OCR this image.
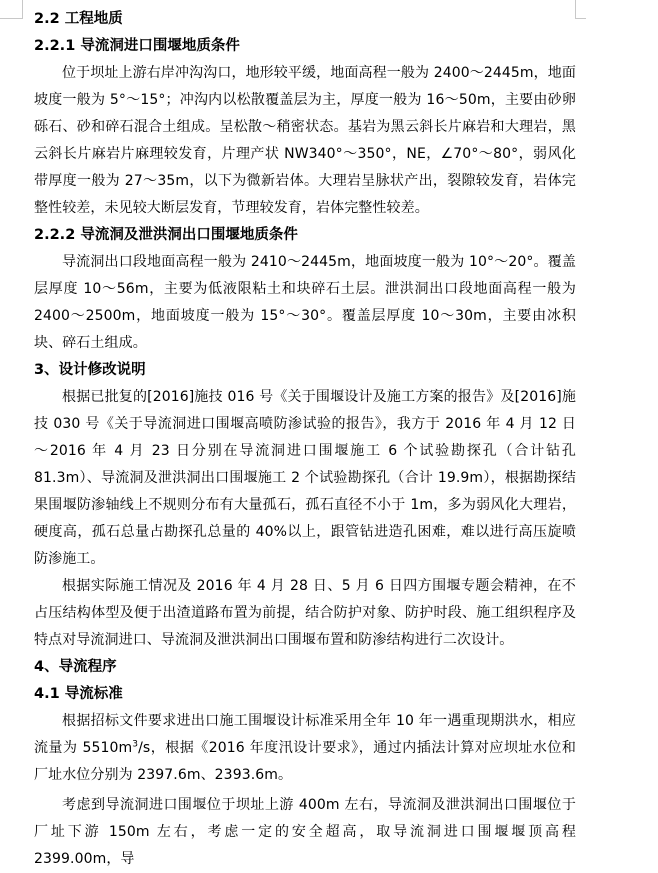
2.2 工程地质
2.2.1 导流洞进口围堰地质条件

位于坝址上游右岸冲沟沟口，地形较平缓，地面高程一般为 2400～2445m，地面坡度一般为 5°～15°；冲沟内以松散覆盖层为主，厚度一般为 16～50m，主要由砂卵砾石、砂和碎石混合土组成。呈松散～稍密状态。基岩为黑云斜长片麻岩和大理岩，黑云斜长片麻岩片麻理较发育，片理产状 NW340°～350°，NE，∠70°～80°，弱风化带厚度一般为 27～35m，以下为微新岩体。大理岩呈脉状产出，裂隙较发育，岩体完整性较差，未见较大断层发育，节理较发育，岩体完整性较差。

2.2.2 导流洞及泄洪洞出口围堰地质条件

导流洞出口段地面高程一般为 2410～2445m，地面坡度一般为 10°～20°。覆盖层厚度 10～56m，主要为低液限粘土和块碎石土层。泄洪洞出口段地面高程一般为 2400～2500m，地面坡度一般为 15°～30°。覆盖层厚度 10～30m，主要由冰积块、碎石土组成。

3、设计修改说明

根据已批复的[2016]施技 016 号《关于围堰设计及施工方案的报告》及[2016]施技 030 号《关于导流洞进口围堰高喷防渗试验的报告》，我方于 2016 年 4 月 12 日～2016 年 4 月 23 日分别在导流洞进口围堰施工 6 个试验勘探孔（合计钻孔 81.3m）、导流洞及泄洪洞出口围堰施工 2 个试验勘探孔（合计 19.9m），根据勘探结果围堰防渗轴线上不规则分布有大量孤石，孤石直径不小于 1m，多为弱风化大理岩，硬度高，孤石总量占勘探孔总量的 40%以上，跟管钻进造孔困难，难以进行高压旋喷防渗施工。

根据实际施工情况及 2016 年 4 月 28 日、5 月 6 日四方围堰专题会精神，在不占压结构体型及便于出渣道路布置为前提，结合防护对象、防护时段、施工组织程序及特点对导流洞进口、导流洞及泄洪洞出口围堰布置和防渗结构进行二次设计。

4、导流程序
4.1 导流标准

根据招标文件要求进出口施工围堰设计标准采用全年 10 年一遇重现期洪水，相应流量为 $5510m^3/s$，根据《2016 年度汛设计要求》，通过内插法计算对应坝址水位和厂址水位分别为 2397.6m、2393.6m。

考虑到导流洞进口围堰位于坝址上游 400m 左右，导流洞及泄洪洞出口围堰位于厂址下游 150m 左右，考虑一定的安全超高，取导流洞进口围堰堰顶高程 2399.00m，导
